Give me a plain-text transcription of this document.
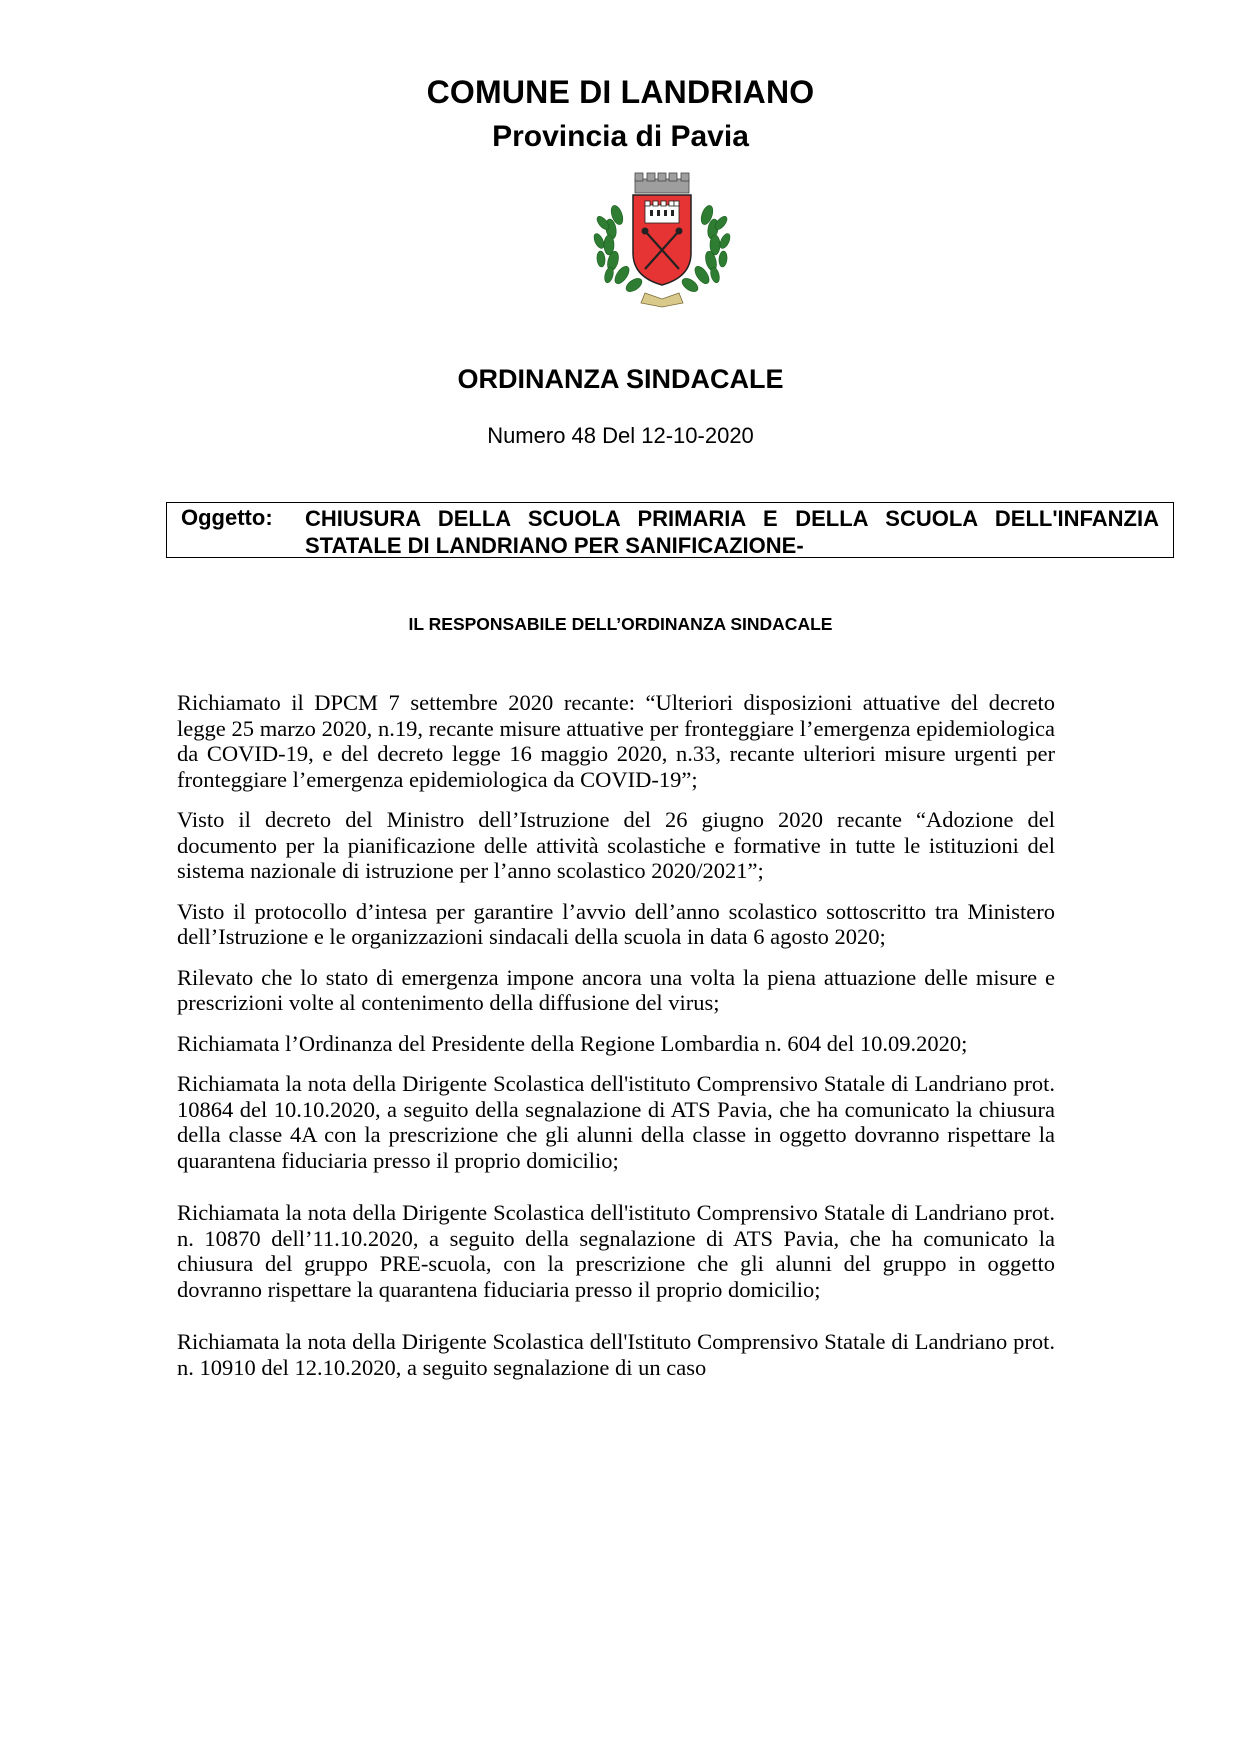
COMUNE DI LANDRIANO
Provincia di Pavia
ORDINANZA SINDACALE
Numero 48 Del 12-10-2020
Oggetto: CHIUSURA DELLA SCUOLA PRIMARIA E DELLA SCUOLA DELL'INFANZIA STATALE DI LANDRIANO PER SANIFICAZIONE-
IL RESPONSABILE DELL’ORDINANZA SINDACALE

Richiamato il DPCM 7 settembre 2020 recante: “Ulteriori disposizioni attuative del decreto legge 25 marzo 2020, n.19, recante misure attuative per fronteggiare l’emergenza epidemiologica da COVID-19, e del decreto legge 16 maggio 2020, n.33, recante ulteriori misure urgenti per fronteggiare l’emergenza epidemiologica da COVID-19”;

Visto il decreto del Ministro dell’Istruzione del 26 giugno 2020 recante “Adozione del documento per la pianificazione delle attività scolastiche e formative in tutte le istituzioni del sistema nazionale di istruzione per l’anno scolastico 2020/2021”;

Visto il protocollo d’intesa per garantire l’avvio dell’anno scolastico sottoscritto tra Ministero dell’Istruzione e le organizzazioni sindacali della scuola in data 6 agosto 2020;

Rilevato che lo stato di emergenza impone ancora una volta la piena attuazione delle misure e prescrizioni volte al contenimento della diffusione del virus;

Richiamata l’Ordinanza del Presidente della Regione Lombardia n. 604 del 10.09.2020;

Richiamata la nota della Dirigente Scolastica dell'istituto Comprensivo Statale di Landriano prot. 10864 del 10.10.2020, a seguito della segnalazione di ATS Pavia, che ha comunicato la chiusura della classe 4A con la prescrizione che gli alunni della classe in oggetto dovranno rispettare la quarantena fiduciaria presso il proprio domicilio;

Richiamata la nota della Dirigente Scolastica dell'istituto Comprensivo Statale di Landriano prot. n. 10870 dell’11.10.2020, a seguito della segnalazione di ATS Pavia, che ha comunicato la chiusura del gruppo PRE-scuola, con la prescrizione che gli alunni del gruppo in oggetto dovranno rispettare la quarantena fiduciaria presso il proprio domicilio;

Richiamata la nota della Dirigente Scolastica dell'Istituto Comprensivo Statale di Landriano prot. n. 10910 del 12.10.2020, a seguito segnalazione di un caso
